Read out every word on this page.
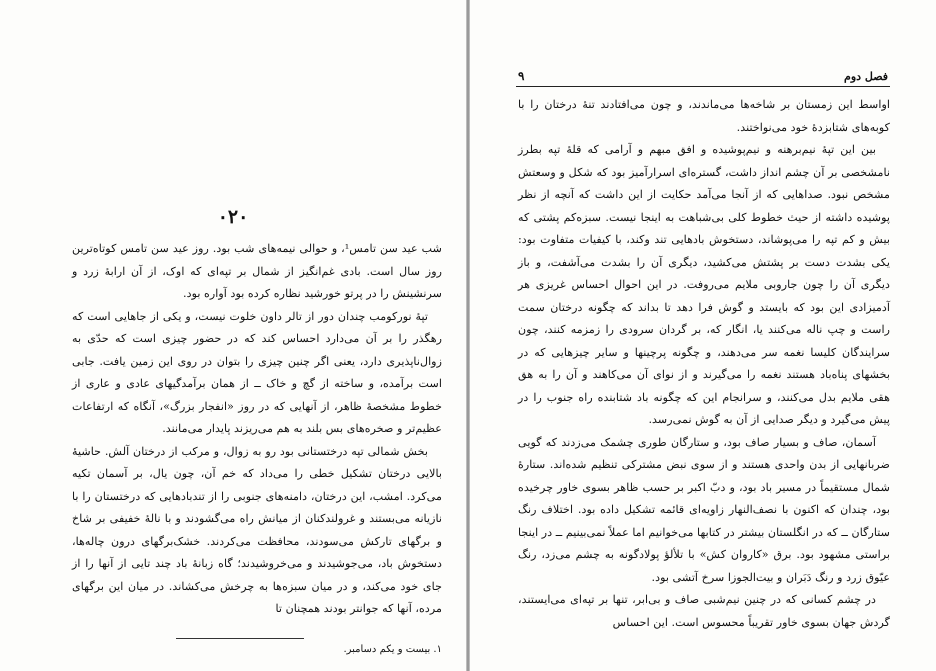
۰۲۰

شب عید سن تامس¹، و حوالی نیمه‌های شب بود. روز عید سن تامس کوتاه‌ترین روز سال است. بادی غم‌انگیز از شمال بر تپه‌ای که اوک، از آن ارابهٔ زرد و سرنشینش را در پرتو خورشید نظاره کرده بود آواره بود.

تپهٔ نورکومب چندان دور از تالر داون خلوت نیست، و یکی از جاهایی است که رهگذر را بر آن می‌دارد احساس کند که در حضور چیزی است که حدّی به زوال‌ناپذیری دارد، یعنی اگر چنین چیزی را بتوان در روی این زمین یافت. جابی است برآمده، و ساخته از گچ و خاک ــ از همان برآمدگیهای عادی و عاری از خطوط مشخصهٔ ظاهر، از آنهایی که در روز «انفجار بزرگ»، آنگاه که ارتفاعات عظیم‌تر و صخره‌های بس بلند به هم می‌ریزند پایدار می‌مانند.

بخش شمالی تپه درختستانی بود رو به زوال، و مرکب از درختان آلش. حاشیهٔ بالایی درختان تشکیل خطی را می‌داد که خم آن، چون یال، بر آسمان تکیه می‌کرد. امشب، این درختان، دامنه‌های جنوبی را از تندبادهایی که درختستان را با نازیانه می‌بستند و غرولندکنان از میانش راه می‌گشودند و با ناله‌ٔ خفیفی بر شاخ و برگهای تارکش می‌سودند، محافظت می‌کردند. خشک‌برگهای درون چاله‌ها، دستخوش باد، می‌جوشیدند و می‌خروشیدند؛ گاه زبانهٔ باد چند تایی از آنها را از جای خود می‌کند، و در میان سبزه‌ها به چرخش می‌کشاند. در میان این برگهای مرده، آنها که جوانتر بودند همچنان تا

۱. بیست و یکم دسامبر.
۹	فصل دوم

اواسط این زمستان بر شاخه‌ها می‌ماندند، و چون می‌افتادند تنهٔ درختان را با کوبه‌های شتابزدهٔ خود می‌نواختند.

بین این تپهٔ نیم‌برهنه و نیم‌پوشیده و افق مبهم و آرامی که قلهٔ تپه بطرز نامشخصی بر آن چشم انداز داشت، گستره‌ای اسرارآمیز بود که شکل و وسعتش مشخص نبود. صداهایی که از آنجا می‌آمد حکایت از این داشت که آنچه از نظر پوشیده داشته از حیث خطوط کلی بی‌شباهت به اینجا نیست. سبزه‌کم پشتی که بیش و کم تپه را می‌پوشاند، دستخوش بادهایی تند وکند، با کیفیات متفاوت بود: یکی بشدت دست بر پشتش می‌کشید، دیگری آن را بشدت می‌آشفت، و باز دیگری آن را چون جاروبی ملایم می‌روفت. در این احوال احساس غریزی هر آدمیزادی این بود که بایستد و گوش فرا دهد تا بداند که چگونه درختان سمت راست و چپ ناله می‌کنند یا، انگار که، بر گردان سرودی را زمزمه کنند، چون سرایندگان کلیسا نغمه سر می‌دهند، و چگونه پرچینها و سایر چیزهایی که در بخشهای پناه‌باد هستند نغمه را می‌گیرند و از نوای آن می‌کاهند و آن را به هق هقی ملایم بدل می‌کنند، و سرانجام این که چگونه باد شتابنده راه جنوب را در پیش می‌گیرد و دیگر صدایی از آن به گوش نمی‌رسد.

آسمان، صاف و بسیار صاف بود، و ستارگان طوری چشمک می‌زدند که گویی ضربانهایی از بدن واحدی هستند و از سوی نبض مشترکی تنظیم شده‌اند. ستارهٔ شمال مستقیماً در مسیر باد بود، و دبّ اکبر بر حسب ظاهر بسوی خاور چرخیده بود، چندان که اکنون با نصف‌النهار زاویه‌ای قائمه تشکیل داده بود. اختلاف رنگ ستارگان ــ که در انگلستان بیشتر در کتابها می‌خوانیم اما عملاً نمی‌بینیم ــ در اینجا براستی مشهود بود. برق «کاروان کش» با تلألؤ پولادگونه به چشم می‌زد، رنگ عیّوق زرد و رنگ دَبَران و بیت‌الجوزا سرخ آتشی بود.

در چشم کسانی که در چنین نیم‌شبی صاف و بی‌ابر، تنها بر تپه‌ای می‌ایستند، گردش جهان بسوی خاور تقریباً محسوس است. این احساس
